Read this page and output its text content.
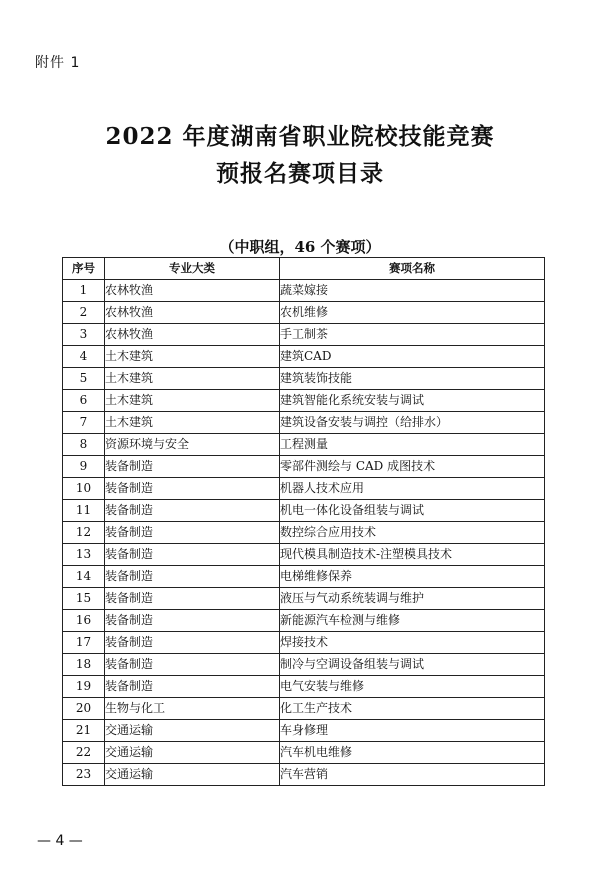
附件 1
2022 年度湖南省职业院校技能竞赛
预报名赛项目录
（中职组，46 个赛项）
序号	专业大类	赛项名称
1	农林牧渔	蔬菜嫁接
2	农林牧渔	农机维修
3	农林牧渔	手工制茶
4	土木建筑	建筑CAD
5	土木建筑	建筑装饰技能
6	土木建筑	建筑智能化系统安装与调试
7	土木建筑	建筑设备安装与调控（给排水）
8	资源环境与安全	工程测量
9	装备制造	零部件测绘与 CAD 成图技术
10	装备制造	机器人技术应用
11	装备制造	机电一体化设备组装与调试
12	装备制造	数控综合应用技术
13	装备制造	现代模具制造技术-注塑模具技术
14	装备制造	电梯维修保养
15	装备制造	液压与气动系统装调与维护
16	装备制造	新能源汽车检测与维修
17	装备制造	焊接技术
18	装备制造	制冷与空调设备组装与调试
19	装备制造	电气安装与维修
20	生物与化工	化工生产技术
21	交通运输	车身修理
22	交通运输	汽车机电维修
23	交通运输	汽车营销
— 4 —
